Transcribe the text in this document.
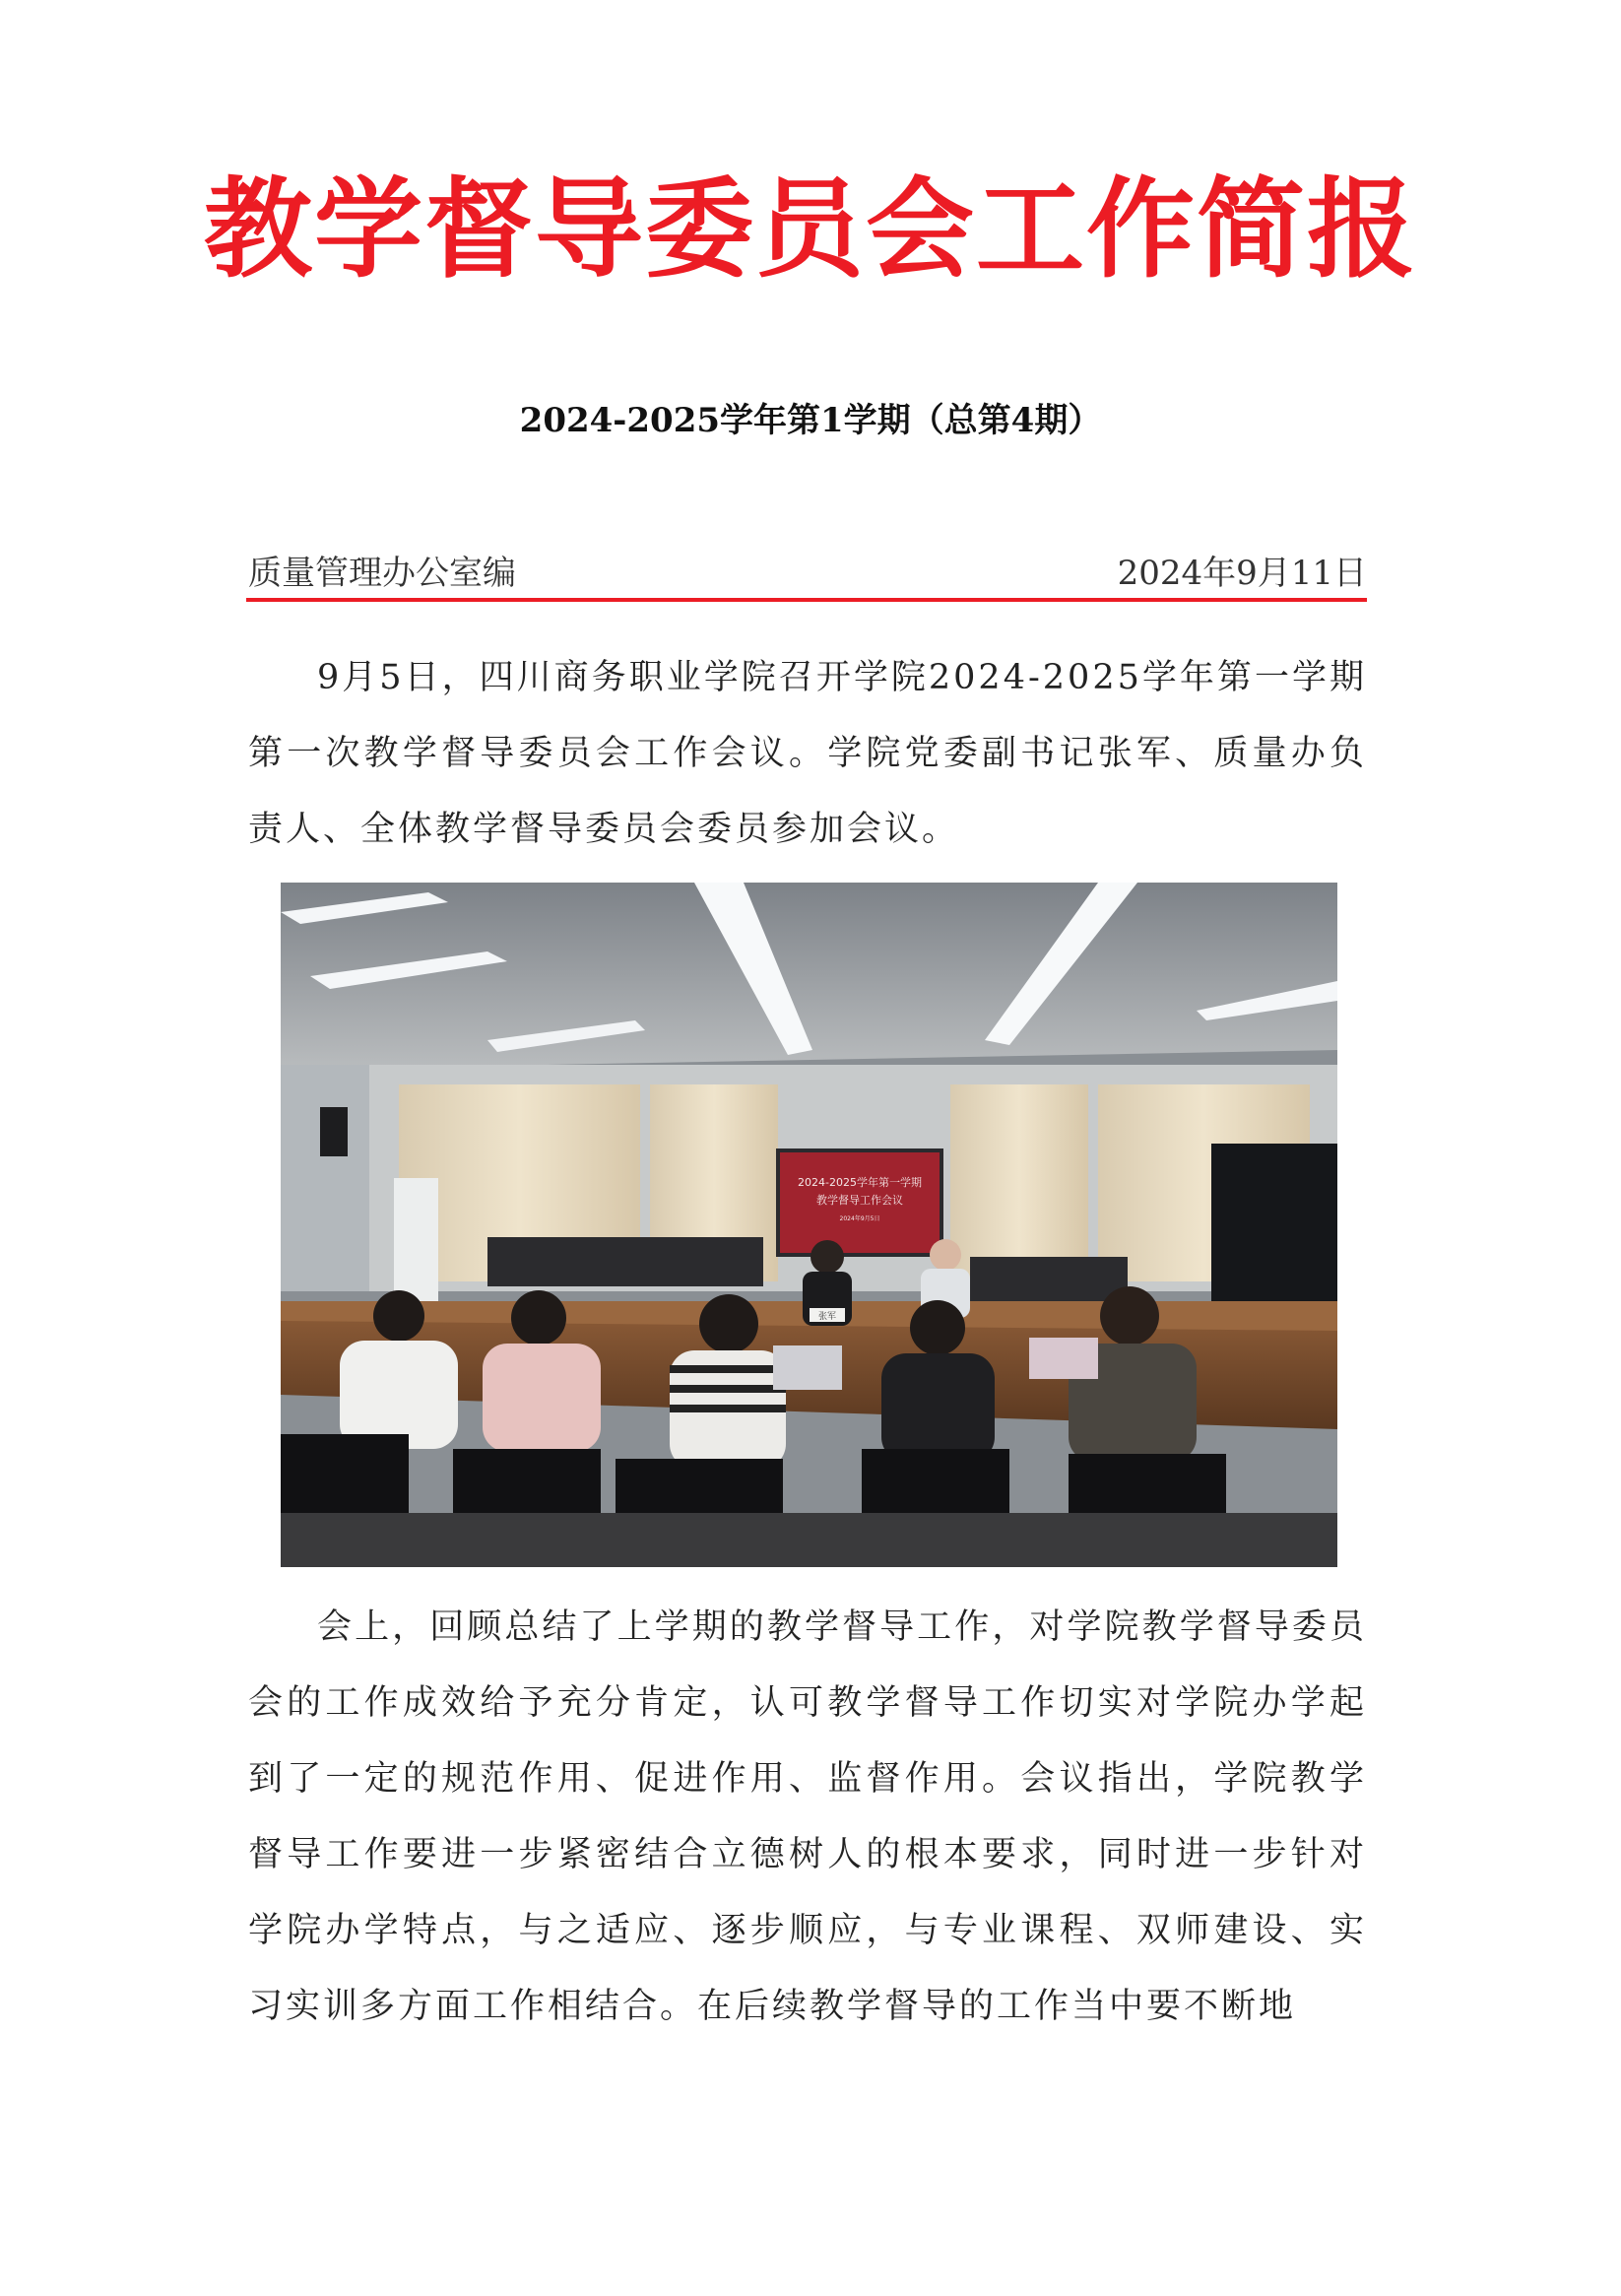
教学督导委员会工作简报
2024-2025学年第1学期（总第4期）
质量管理办公室编	2024年9月11日

9月5日，四川商务职业学院召开学院2024-2025学年第一学期第一次教学督导委员会工作会议。学院党委副书记张军、质量办负责人、全体教学督导委员会委员参加会议。

2024-2025学年第一学期
教学督导工作会议
2024年9月5日
张军

会上，回顾总结了上学期的教学督导工作，对学院教学督导委员会的工作成效给予充分肯定，认可教学督导工作切实对学院办学起到了一定的规范作用、促进作用、监督作用。会议指出，学院教学督导工作要进一步紧密结合立德树人的根本要求，同时进一步针对学院办学特点，与之适应、逐步顺应，与专业课程、双师建设、实习实训多方面工作相结合。在后续教学督导的工作当中要不断地
